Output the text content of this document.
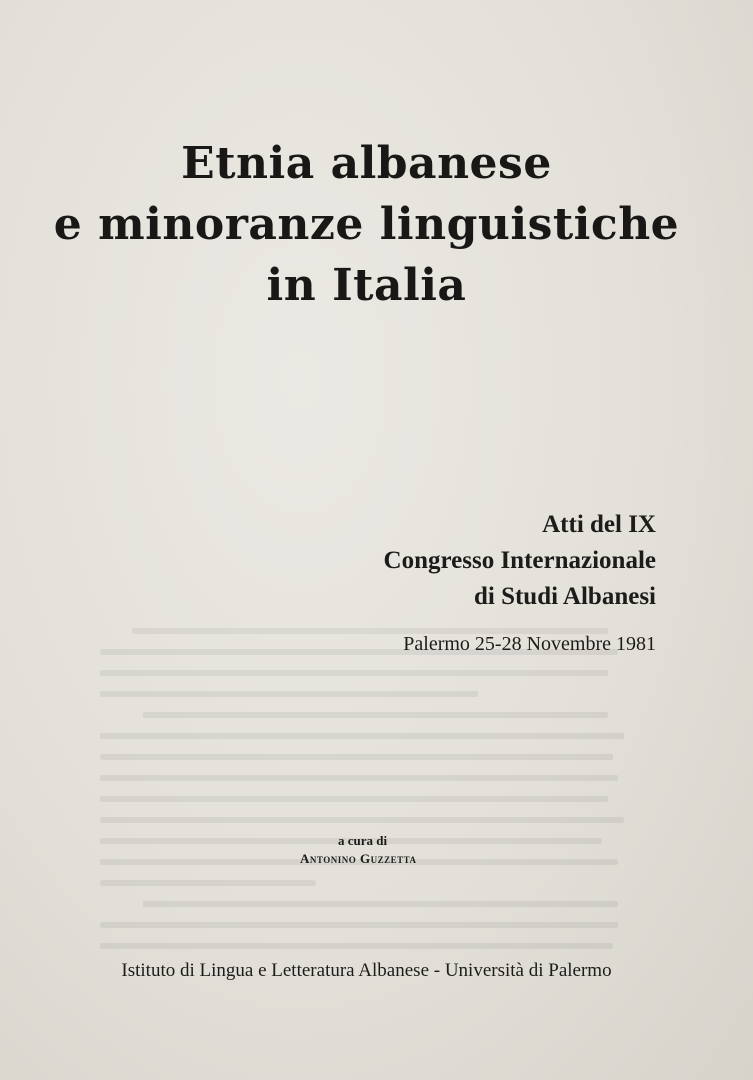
Etnia albanese
e minoranze linguistiche
in Italia
Atti del IX
Congresso Internazionale
di Studi Albanesi
Palermo 25-28 Novembre 1981
a cura di
Antonino Guzzetta
Istituto di Lingua e Letteratura Albanese - Università di Palermo
